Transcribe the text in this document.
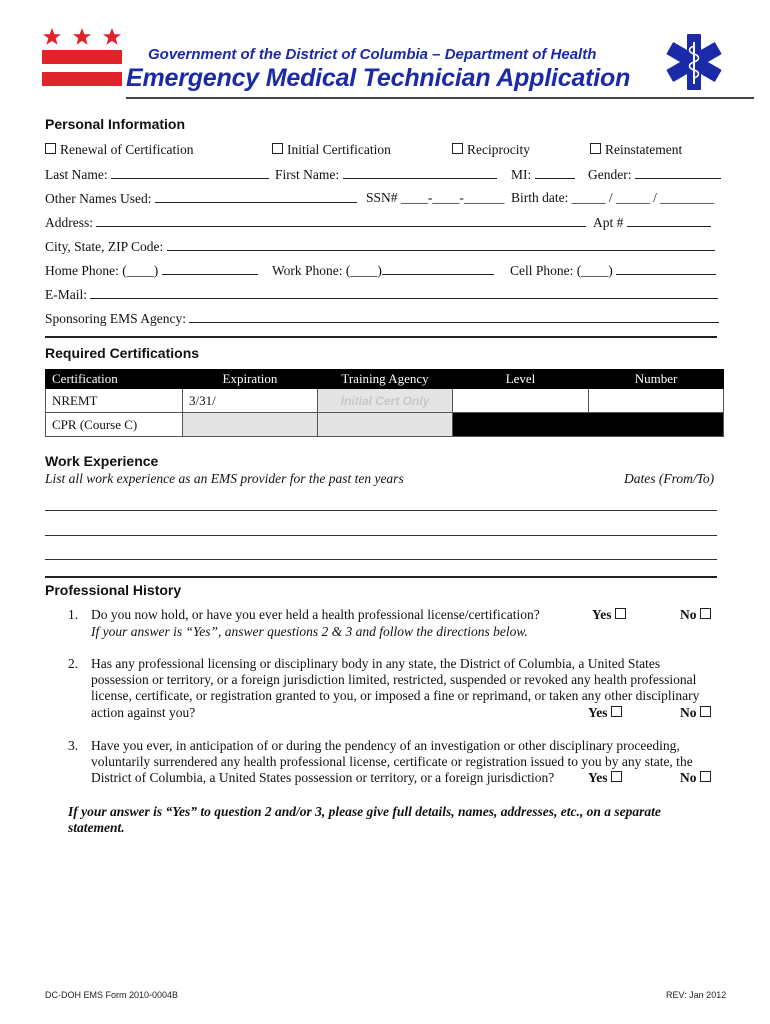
Government of the District of Columbia – Department of Health
Emergency Medical Technician Application
Personal Information
Renewal of Certification	Initial Certification	Reciprocity	Reinstatement
Last Name:	First Name:	MI:	Gender:
Other Names Used:	SSN# ____-____-______ Birth date: _____ / _____ / ________
Address:	Apt #
City, State, ZIP Code:
Home Phone: (____)	Work Phone: (____)	Cell Phone: (____)
E-Mail:
Sponsoring EMS Agency:
Required Certifications
Certification	Expiration	Training Agency	Level	Number
NREMT	3/31/	Initial Cert Only		
CPR (Course C)				
Work Experience
List all work experience as an EMS provider for the past ten years	Dates (From/To)
Professional History
1. Do you now hold, or have you ever held a health professional license/certification?
If your answer is “Yes”, answer questions 2 & 3 and follow the directions below.
Yes	No
2. Has any professional licensing or disciplinary body in any state, the District of Columbia, a United States
possession or territory, or a foreign jurisdiction limited, restricted, suspended or revoked any health professional
license, certificate, or registration granted to you, or imposed a fine or reprimand, or taken any other disciplinary
action against you?	Yes	No
3. Have you ever, in anticipation of or during the pendency of an investigation or other disciplinary proceeding,
voluntarily surrendered any health professional license, certificate or registration issued to you by any state, the
District of Columbia, a United States possession or territory, or a foreign jurisdiction? Yes	No
If your answer is “Yes” to question 2 and/or 3, please give full details, names, addresses, etc., on a separate
statement.
DC-DOH EMS Form 2010-0004B	REV: Jan 2012
